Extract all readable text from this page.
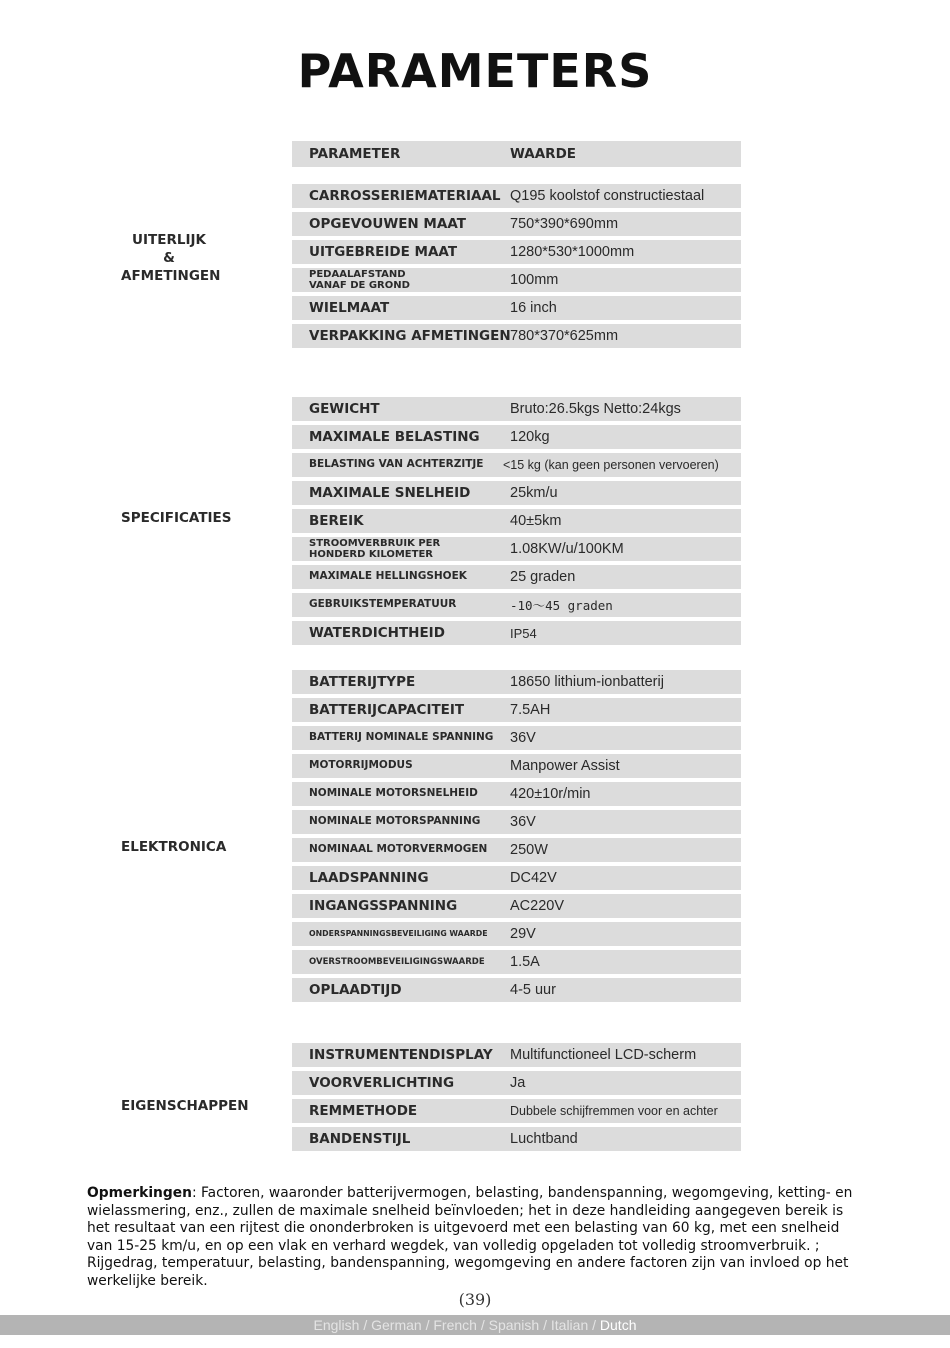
PARAMETERS
PARAMETER	WAARDE
UITERLIJK
&
AFMETINGEN
SPECIFICATIES
ELEKTRONICA
EIGENSCHAPPEN
CARROSSERIEMATERIAAL Q195 koolstof constructiestaal
OPGEVOUWEN MAAT	750*390*690mm
UITGEBREIDE MAAT	1280*530*1000mm
PEDAALAFSTAND
VANAF DE GROND	100mm
WIELMAAT	16 inch
VERPAKKING AFMETINGEN 780*370*625mm
GEWICHT	Bruto:26.5kgs Netto:24kgs
MAXIMALE BELASTING 120kg
BELASTING VAN ACHTERZITJE <15 kg (kan geen personen vervoeren)
MAXIMALE SNELHEID	25km/u
BEREIK	40±5km
STROOMVERBRUIK PER
HONDERD KILOMETER	1.08KW/u/100KM
MAXIMALE HELLINGSHOEK	25 graden
GEBRUIKSTEMPERATUUR	-10～45 graden
WATERDICHTHEID	IP54
BATTERIJTYPE	18650 lithium-ionbatterij
BATTERIJCAPACITEIT	7.5AH
BATTERIJ NOMINALE SPANNING 36V
MOTORRIJMODUS	Manpower Assist
NOMINALE MOTORSNELHEID 420±10r/min
NOMINALE MOTORSPANNING 36V
NOMINAAL MOTORVERMOGEN 250W
LAADSPANNING	DC42V
INGANGSSPANNING	AC220V
ONDERSPANNINGSBEVEILIGING WAARDE 29V
OVERSTROOMBEVEILIGINGSWAARDE 1.5A
OPLAADTIJD	4-5 uur
INSTRUMENTENDISPLAY Multifunctioneel LCD-scherm
VOORVERLICHTING	Ja
REMMETHODE	Dubbele schijfremmen voor en achter
BANDENSTIJL	Luchtband
Opmerkingen: Factoren, waaronder batterijvermogen, belasting, bandenspanning, wegomgeving, ketting- en wielassmering, enz., zullen de maximale snelheid beïnvloeden; het in deze handleiding aangegeven bereik is het resultaat van een rijtest die ononderbroken is uitgevoerd met een belasting van 60 kg, met een snelheid van 15-25 km/u, en op een vlak en verhard wegdek, van volledig opgeladen tot volledig stroomverbruik. ; Rijgedrag, temperatuur, belasting, bandenspanning, wegomgeving en andere factoren zijn van invloed op het werkelijke bereik.
(39)
English / German / French / Spanish / Italian / Dutch
